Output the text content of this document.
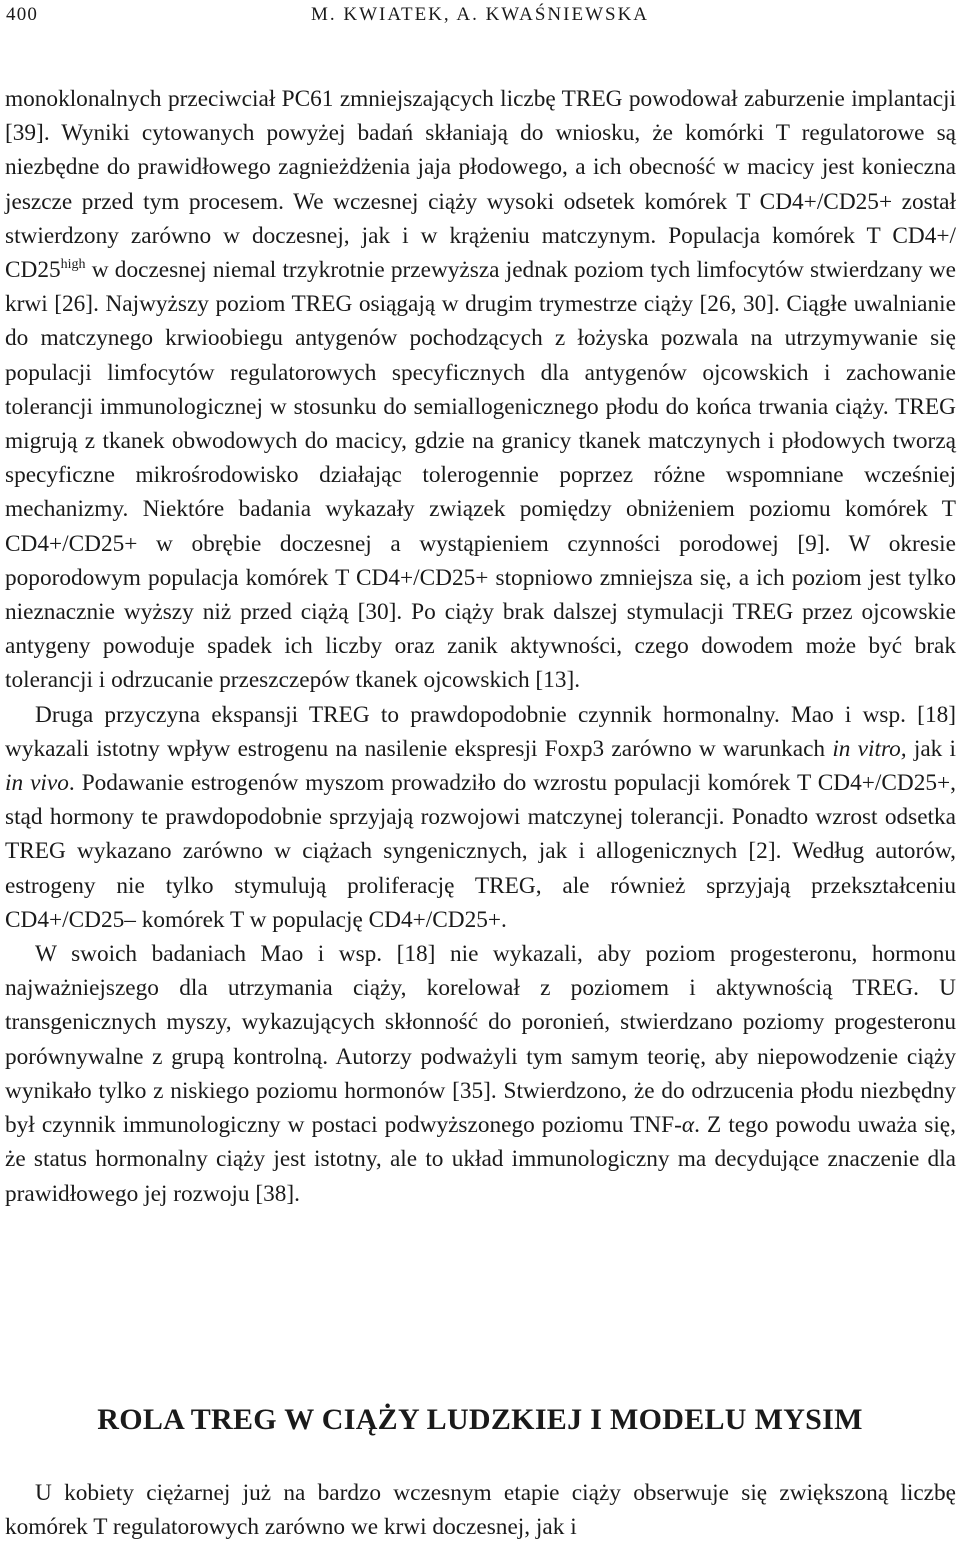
400	M. KWIATEK, A. KWAŚNIEWSKA

monoklonalnych przeciwciał PC61 zmniejszających liczbę TREG powodował zaburzenie implantacji [39]. Wyniki cytowanych powyżej badań skłaniają do wniosku, że komórki T regulatorowe są niezbędne do prawidłowego zagnieżdżenia jaja płodowego, a ich obecność w macicy jest konieczna jeszcze przed tym procesem. We wczesnej ciąży wysoki odsetek komórek T CD4+/CD25+ został stwierdzony zarówno w doczesnej, jak i w krążeniu matczynym. Populacja komórek T CD4+/ $CD25^{high}$ w doczesnej niemal trzykrotnie przewyższa jednak poziom tych limfocytów stwierdzany we krwi [26]. Najwyższy poziom TREG osiągają w drugim trymestrze ciąży [26, 30]. Ciągłe uwalnianie do matczynego krwioobiegu antygenów pochodzących z łożyska pozwala na utrzymywanie się populacji limfocytów regulatorowych specyficznych dla antygenów ojcowskich i zachowanie tolerancji immunologicznej w stosunku do semiallogenicznego płodu do końca trwania ciąży. TREG migrują z tkanek obwodowych do macicy, gdzie na granicy tkanek matczynych i płodowych tworzą specyficzne mikrośrodowisko działając tolerogennie poprzez różne wspomniane wcześniej mechanizmy. Niektóre badania wykazały związek pomiędzy obniżeniem poziomu komórek T CD4+/CD25+ w obrębie doczesnej a wystąpieniem czynności porodowej [9]. W okresie poporodowym populacja komórek T CD4+/CD25+ stopniowo zmniejsza się, a ich poziom jest tylko nieznacznie wyższy niż przed ciążą [30]. Po ciąży brak dalszej stymulacji TREG przez ojcowskie antygeny powoduje spadek ich liczby oraz zanik aktywności, czego dowodem może być brak tolerancji i odrzucanie przeszczepów tkanek ojcowskich [13].

Druga przyczyna ekspansji TREG to prawdopodobnie czynnik hormonalny. Mao i wsp. [18] wykazali istotny wpływ estrogenu na nasilenie ekspresji Foxp3 zarówno w warunkach in vitro, jak i in vivo. Podawanie estrogenów myszom prowadziło do wzrostu populacji komórek T CD4+/CD25+, stąd hormony te prawdopodobnie sprzyjają rozwojowi matczynej tolerancji. Ponadto wzrost odsetka TREG wykazano zarówno w ciążach syngenicznych, jak i allogenicznych [2]. Według autorów, estrogeny nie tylko stymulują proliferację TREG, ale również sprzyjają przekształceniu CD4+/CD25– komórek T w populację CD4+/CD25+.

W swoich badaniach Mao i wsp. [18] nie wykazali, aby poziom progesteronu, hormonu najważniejszego dla utrzymania ciąży, korelował z poziomem i aktywnością TREG. U transgenicznych myszy, wykazujących skłonność do poronień, stwierdzano poziomy progesteronu porównywalne z grupą kontrolną. Autorzy podważyli tym samym teorię, aby niepowodzenie ciąży wynikało tylko z niskiego poziomu hormonów [35]. Stwierdzono, że do odrzucenia płodu niezbędny był czynnik immunologiczny w postaci podwyższonego poziomu TNF-α. Z tego powodu uważa się, że status hormonalny ciąży jest istotny, ale to układ immunologiczny ma decydujące znaczenie dla prawidłowego jej rozwoju [38].

ROLA TREG W CIĄŻY LUDZKIEJ I MODELU MYSIM

U kobiety ciężarnej już na bardzo wczesnym etapie ciąży obserwuje się zwiększoną liczbę komórek T regulatorowych zarówno we krwi doczesnej, jak i
